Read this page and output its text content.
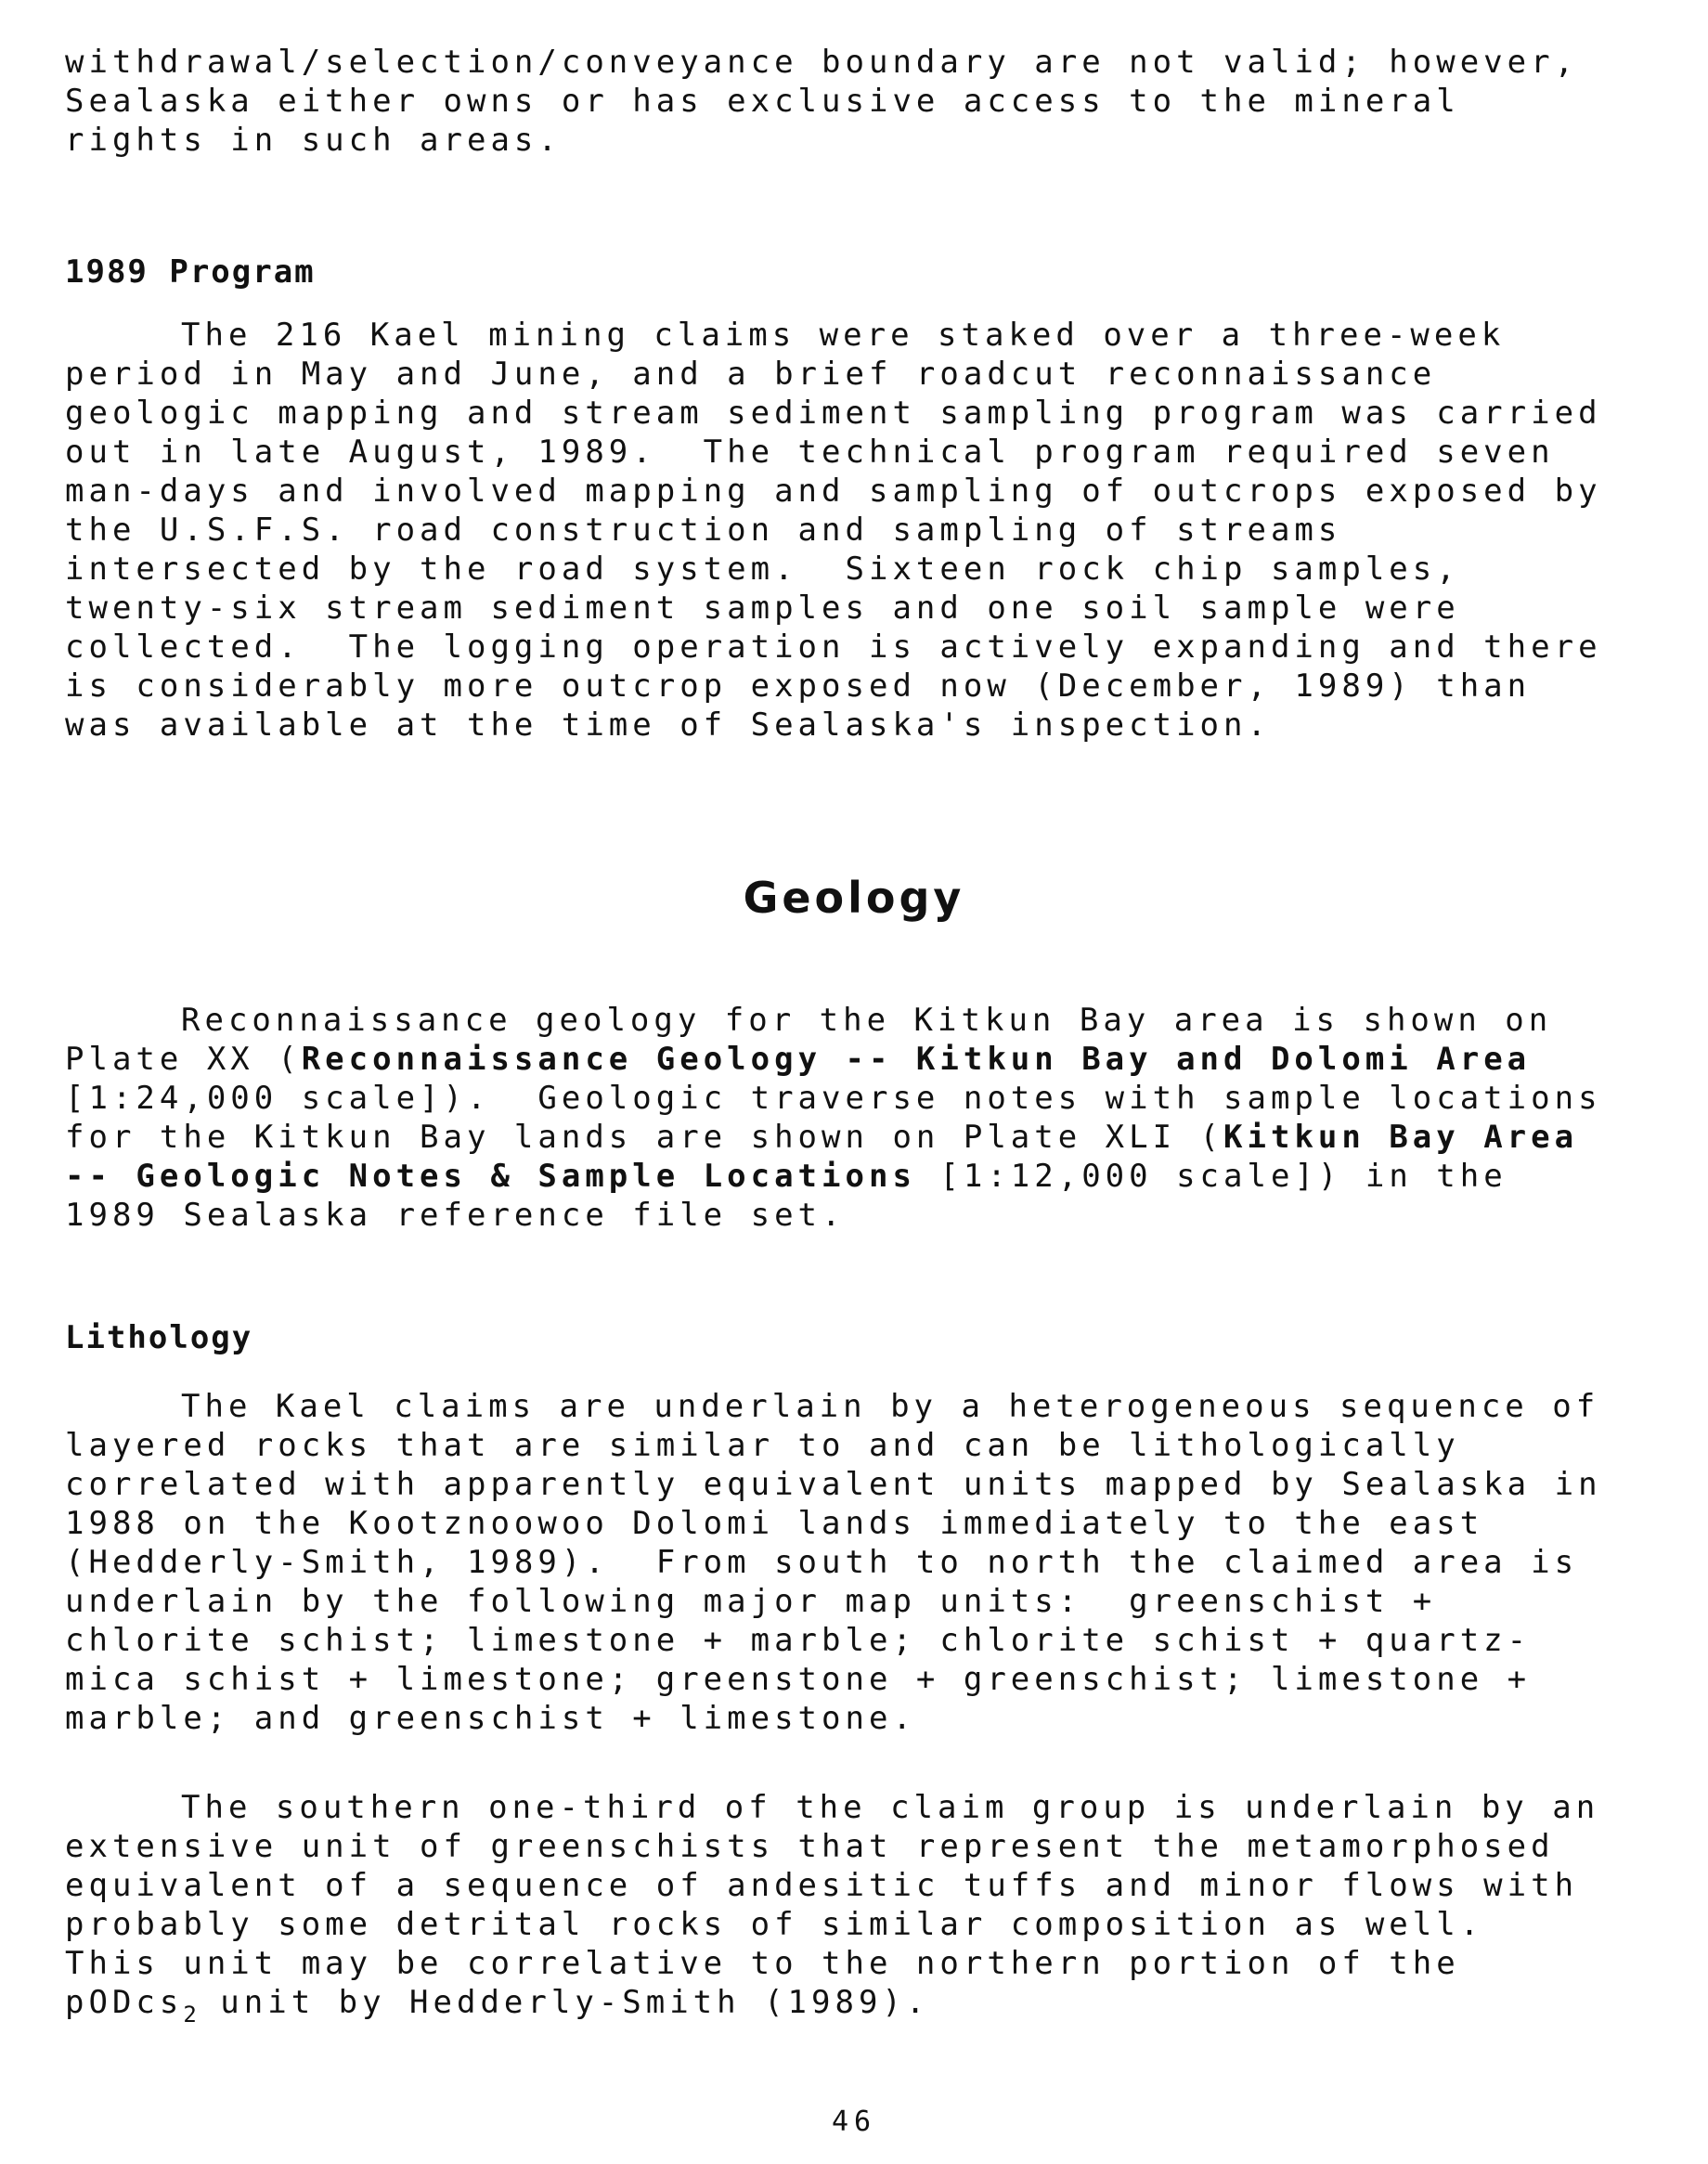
withdrawal/selection/conveyance boundary are not valid; however,
Sealaska either owns or has exclusive access to the mineral
rights in such areas.
1989 Program
The 216 Kael mining claims were staked over a three-week
period in May and June, and a brief roadcut reconnaissance
geologic mapping and stream sediment sampling program was carried
out in late August, 1989.  The technical program required seven
man-days and involved mapping and sampling of outcrops exposed by
the U.S.F.S. road construction and sampling of streams
intersected by the road system.  Sixteen rock chip samples,
twenty-six stream sediment samples and one soil sample were
collected.  The logging operation is actively expanding and there
is considerably more outcrop exposed now (December, 1989) than
was available at the time of Sealaska's inspection.
Geology
Reconnaissance geology for the Kitkun Bay area is shown on
Plate XX (Reconnaissance Geology -- Kitkun Bay and Dolomi Area
[1:24,000 scale]).  Geologic traverse notes with sample locations
for the Kitkun Bay lands are shown on Plate XLI (Kitkun Bay Area
-- Geologic Notes & Sample Locations [1:12,000 scale]) in the
1989 Sealaska reference file set.
Lithology
The Kael claims are underlain by a heterogeneous sequence of
layered rocks that are similar to and can be lithologically
correlated with apparently equivalent units mapped by Sealaska in
1988 on the Kootznoowoo Dolomi lands immediately to the east
(Hedderly-Smith, 1989).  From south to north the claimed area is
underlain by the following major map units:  greenschist +
chlorite schist; limestone + marble; chlorite schist + quartz-
mica schist + limestone; greenstone + greenschist; limestone +
marble; and greenschist + limestone.
The southern one-third of the claim group is underlain by an
extensive unit of greenschists that represent the metamorphosed
equivalent of a sequence of andesitic tuffs and minor flows with
probably some detrital rocks of similar composition as well.
This unit may be correlative to the northern portion of the
pODcs$_2$ unit by Hedderly-Smith (1989).
46
